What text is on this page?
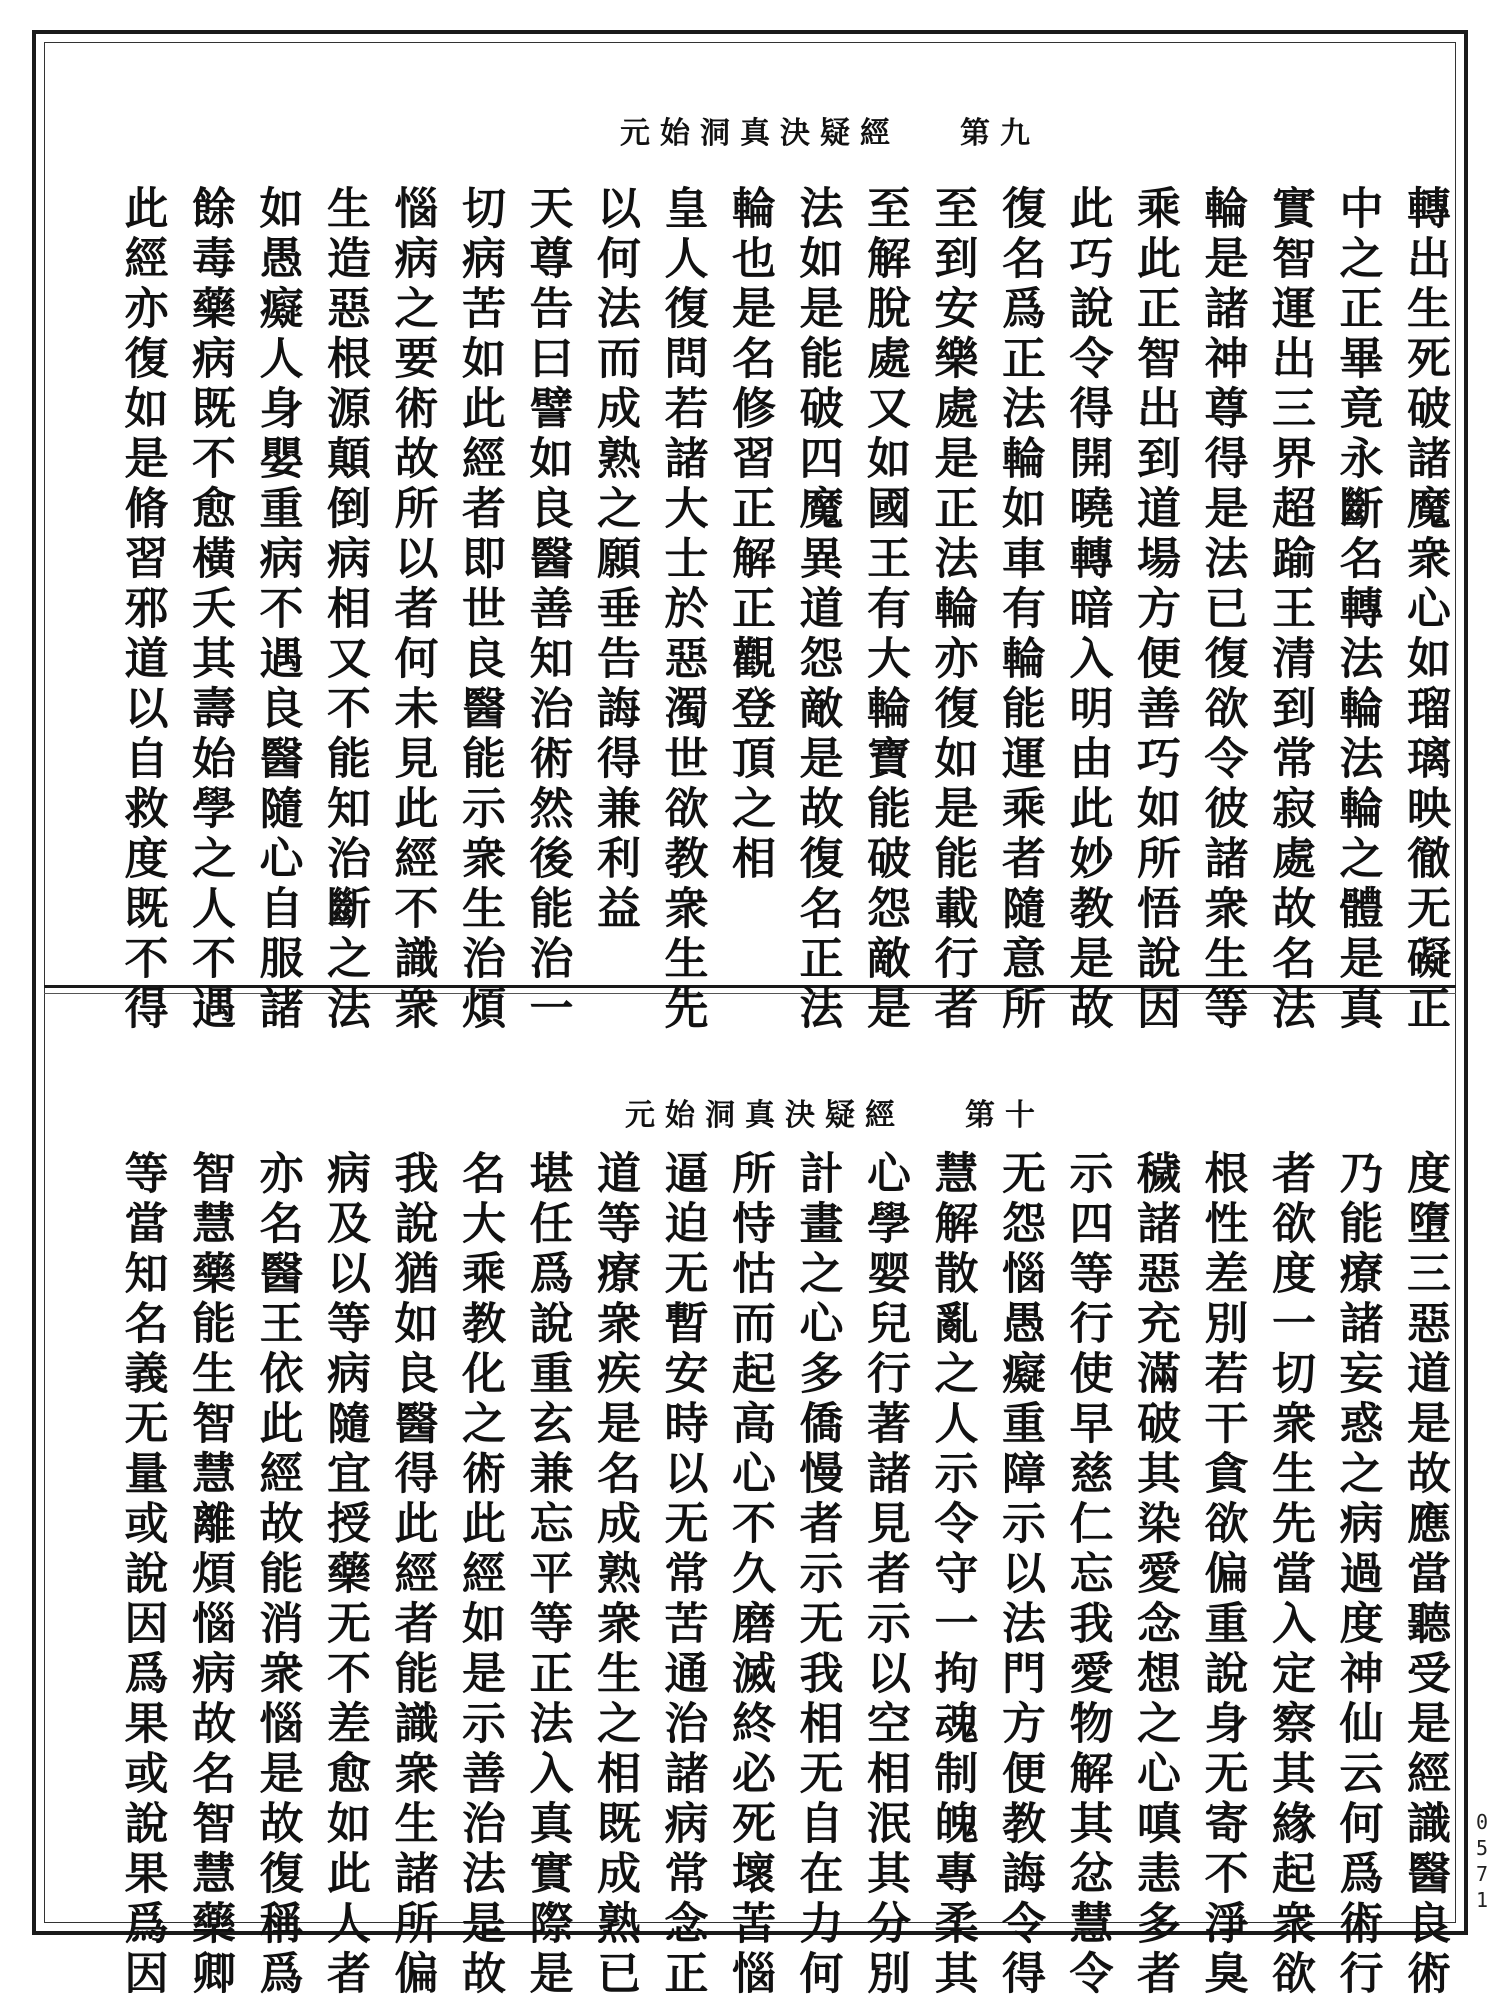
元始洞真決疑經 第九
元始洞真決疑經 第十
0571
轉出生死破諸魔衆心如瑠璃映徹无礙正
中之正畢竟永斷名轉法輪法輪之體是真
實智運出三界超踰王清到常寂處故名法
輪是諸神尊得是法已復欲令彼諸衆生等
乘此正智出到道場方便善巧如所悟說因
此巧說令得開曉轉暗入明由此妙教是故
復名爲正法輪如車有輪能運乘者隨意所
至到安樂處是正法輪亦復如是能載行者
至解脫處又如國王有大輪寶能破怨敵是
法如是能破四魔異道怨敵是故復名正法
輪也是名修習正解正觀登頂之相
皇人復問若諸大士於惡濁世欲教衆生先
以何法而成熟之願垂告誨得兼利益
天尊告曰譬如良醫善知治術然後能治一
切病苦如此經者即世良醫能示衆生治煩
惱病之要術故所以者何未見此經不識衆
生造惡根源顛倒病相又不能知治斷之法
如愚癡人身嬰重病不遇良醫隨心自服諸
餘毒藥病既不愈橫夭其壽始學之人不遇
此經亦復如是脩習邪道以自救度既不得
度墮三惡道是故應當聽受是經識醫良術
乃能療諸妄惑之病過度神仙云何爲術行
者欲度一切衆生先當入定察其緣起衆欲
根性差別若干貪欲偏重說身无寄不淨臭
穢諸惡充滿破其染愛念想之心嗔恚多者
示四等行使早慈仁忘我愛物解其忿慧令
无怨惱愚癡重障示以法門方便教誨令得
慧解散亂之人示令守一拘魂制魄專柔其
心學婴兒行著諸見者示以空相泯其分別
計畫之心多僑慢者示无我相无自在力何
所恃怙而起高心不久磨滅終必死壞苦惱
逼迫无暫安時以无常苦通治諸病常念正
道等療衆疾是名成熟衆生之相既成熟已
堪任爲說重玄兼忘平等正法入真實際是
名大乘教化之術此經如是示善治法是故
我說猶如良醫得此經者能識衆生諸所偏
病及以等病隨宜授藥无不差愈如此人者
亦名醫王依此經故能消衆惱是故復稱爲
智慧藥能生智慧離煩惱病故名智慧藥卿
等當知名義无量或說因爲果或說果爲因
